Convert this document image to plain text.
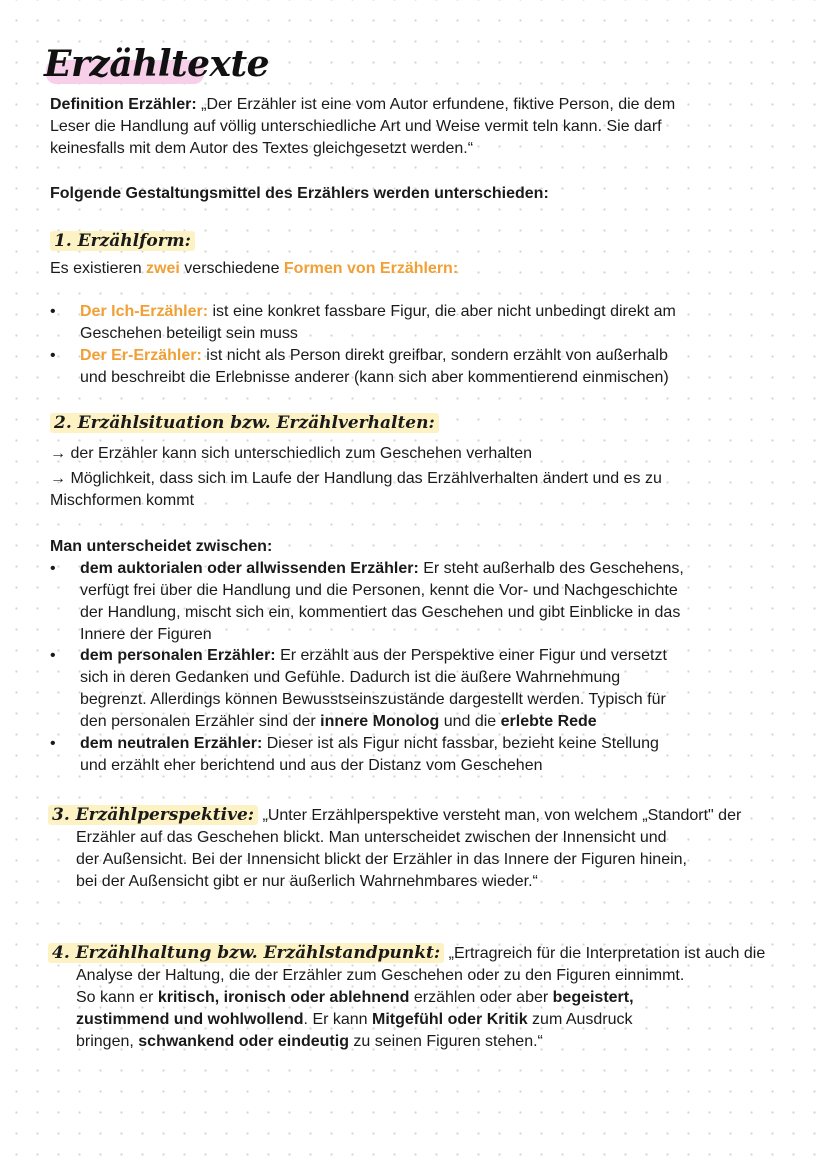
Erzähltexte
Definition Erzähler: „Der Erzähler ist eine vom Autor erfundene, fiktive Person, die dem
Leser die Handlung auf völlig unterschiedliche Art und Weise vermit teln kann. Sie darf
keinesfalls mit dem Autor des Textes gleichgesetzt werden.“
Folgende Gestaltungsmittel des Erzählers werden unterschieden:
1. Erzählform:
Es existieren zwei verschiedene Formen von Erzählern:
• Der Ich-Erzähler: ist eine konkret fassbare Figur, die aber nicht unbedingt direkt am
Geschehen beteiligt sein muss
• Der Er-Erzähler: ist nicht als Person direkt greifbar, sondern erzählt von außerhalb
und beschreibt die Erlebnisse anderer (kann sich aber kommentierend einmischen)
2. Erzählsituation bzw. Erzählverhalten:
→ der Erzähler kann sich unterschiedlich zum Geschehen verhalten
→ Möglichkeit, dass sich im Laufe der Handlung das Erzählverhalten ändert und es zu
Mischformen kommt
Man unterscheidet zwischen:
• dem auktorialen oder allwissenden Erzähler: Er steht außerhalb des Geschehens,
verfügt frei über die Handlung und die Personen, kennt die Vor- und Nachgeschichte
der Handlung, mischt sich ein, kommentiert das Geschehen und gibt Einblicke in das
Innere der Figuren
• dem personalen Erzähler: Er erzählt aus der Perspektive einer Figur und versetzt
sich in deren Gedanken und Gefühle. Dadurch ist die äußere Wahrnehmung
begrenzt. Allerdings können Bewusstseinszustände dargestellt werden. Typisch für
den personalen Erzähler sind der innere Monolog und die erlebte Rede
• dem neutralen Erzähler: Dieser ist als Figur nicht fassbar, bezieht keine Stellung
und erzählt eher berichtend und aus der Distanz vom Geschehen
3. Erzählperspektive: „Unter Erzählperspektive versteht man, von welchem „Standort" der
Erzähler auf das Geschehen blickt. Man unterscheidet zwischen der Innensicht und
der Außensicht. Bei der Innensicht blickt der Erzähler in das Innere der Figuren hinein,
bei der Außensicht gibt er nur äußerlich Wahrnehmbares wieder.“
4. Erzählhaltung bzw. Erzählstandpunkt: „Ertragreich für die Interpretation ist auch die
Analyse der Haltung, die der Erzähler zum Geschehen oder zu den Figuren einnimmt.
So kann er kritisch, ironisch oder ablehnend erzählen oder aber begeistert,
zustimmend und wohlwollend. Er kann Mitgefühl oder Kritik zum Ausdruck
bringen, schwankend oder eindeutig zu seinen Figuren stehen.“
